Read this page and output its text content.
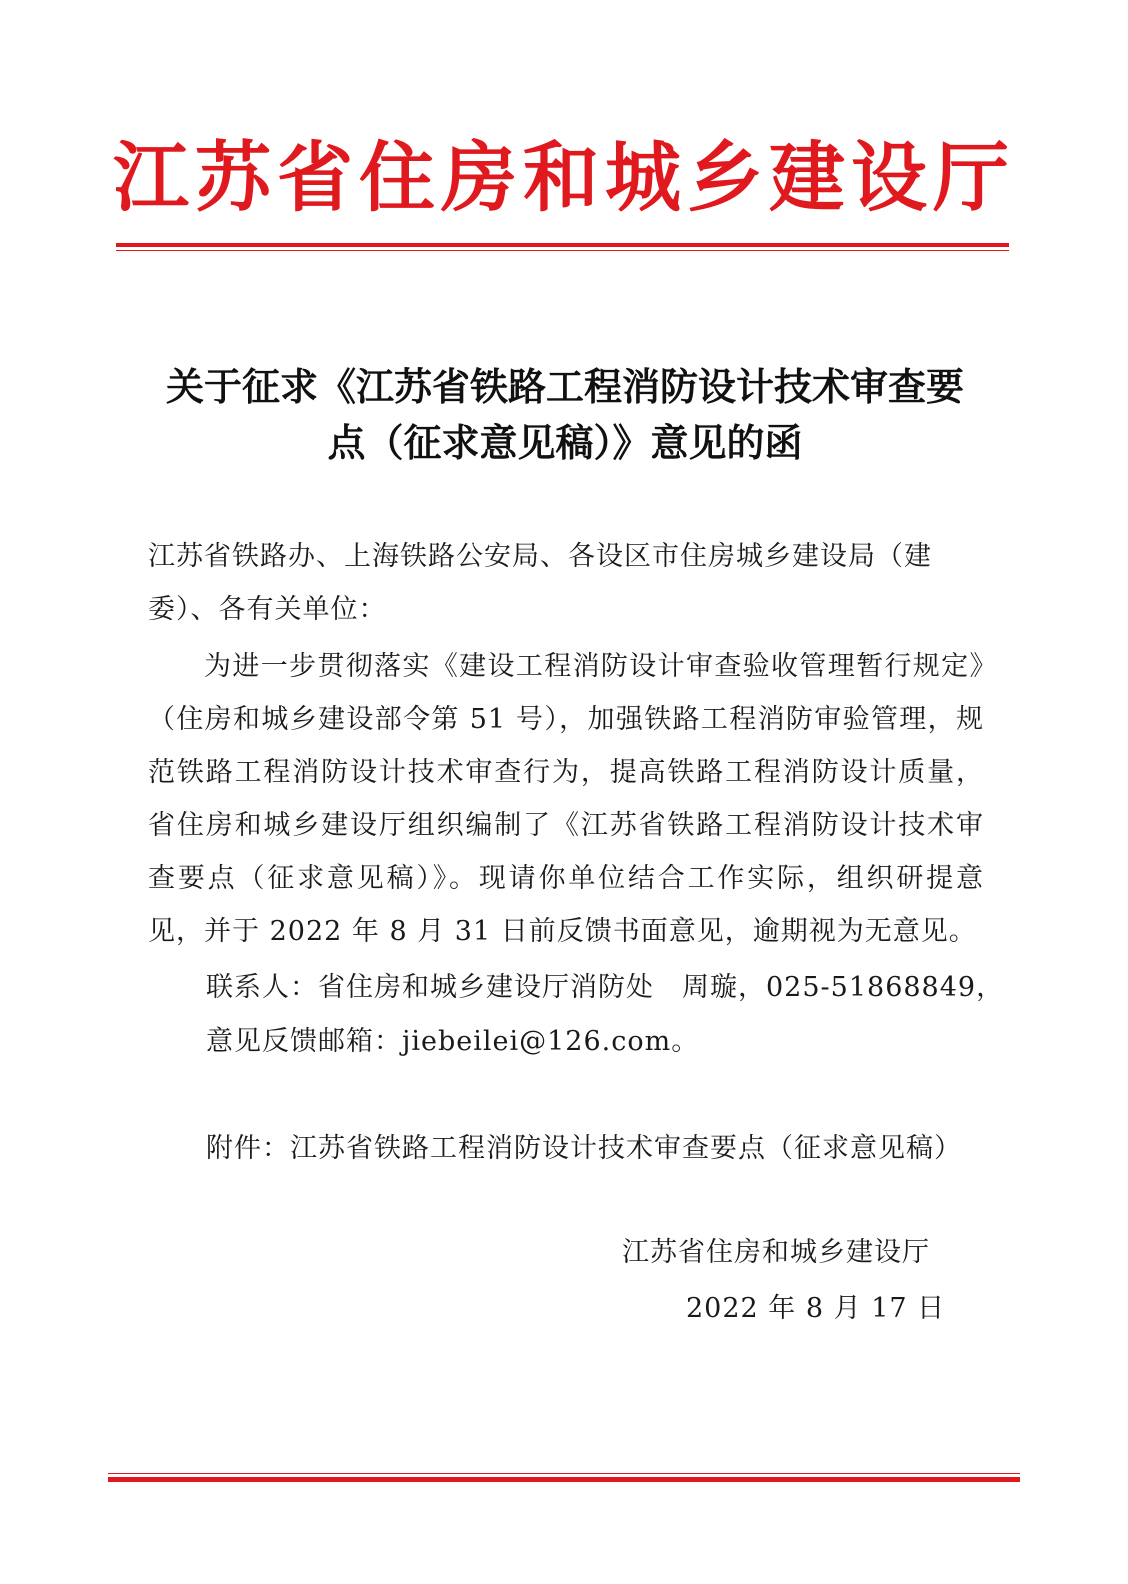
江苏省住房和城乡建设厅
关于征求《江苏省铁路工程消防设计技术审查要
点（征求意见稿）》意见的函
江苏省铁路办、上海铁路公安局、各设区市住房城乡建设局（建委）、各有关单位：
为进一步贯彻落实《建设工程消防设计审查验收管理暂行规定》（住房和城乡建设部令第 51 号），加强铁路工程消防审验管理，规范铁路工程消防设计技术审查行为，提高铁路工程消防设计质量，省住房和城乡建设厅组织编制了《江苏省铁路工程消防设计技术审查要点（征求意见稿）》。现请你单位结合工作实际，组织研提意见，并于 2022 年 8 月 31 日前反馈书面意见，逾期视为无意见。
联系人：省住房和城乡建设厅消防处　周璇，025-51868849，
意见反馈邮箱：jiebeilei@126.com。
附件：江苏省铁路工程消防设计技术审查要点（征求意见稿）
江苏省住房和城乡建设厅
2022 年 8 月 17 日
